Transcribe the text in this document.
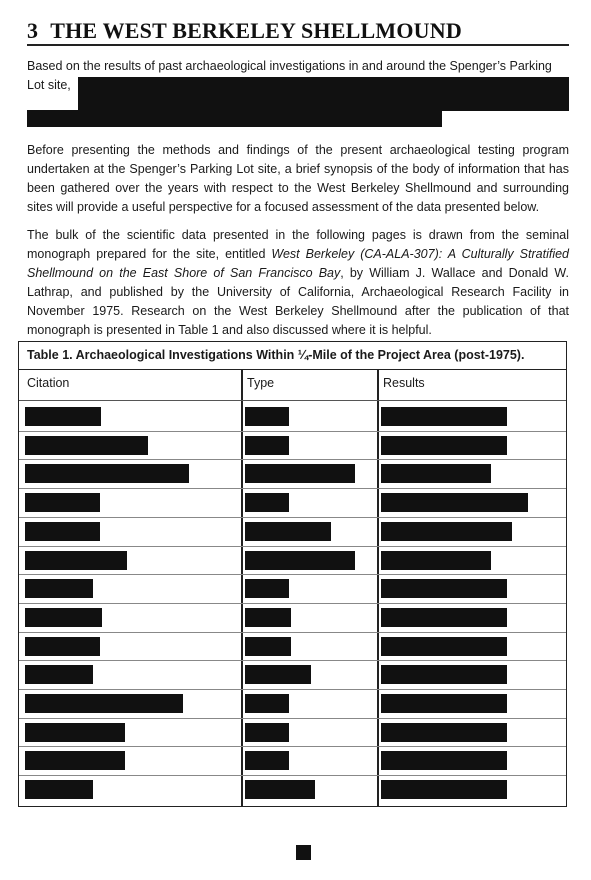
3 THE WEST BERKELEY SHELLMOUND
Based on the results of past archaeological investigations in and around the Spenger’s Parking
Lot site,
Before presenting the methods and findings of the present archaeological testing program undertaken at the Spenger’s Parking Lot site, a brief synopsis of the body of information that has been gathered over the years with respect to the West Berkeley Shellmound and surrounding sites will provide a useful perspective for a focused assessment of the data presented below.
The bulk of the scientific data presented in the following pages is drawn from the seminal monograph prepared for the site, entitled West Berkeley (CA-ALA-307): A Culturally Stratified Shellmound on the East Shore of San Francisco Bay, by William J. Wallace and Donald W. Lathrap, and published by the University of California, Archaeological Research Facility in November 1975. Research on the West Berkeley Shellmound after the publication of that monograph is presented in Table 1 and also discussed where it is helpful.
Table 1. Archaeological Investigations Within ¼-Mile of the Project Area (post-1975).
Citation	Type	Results
